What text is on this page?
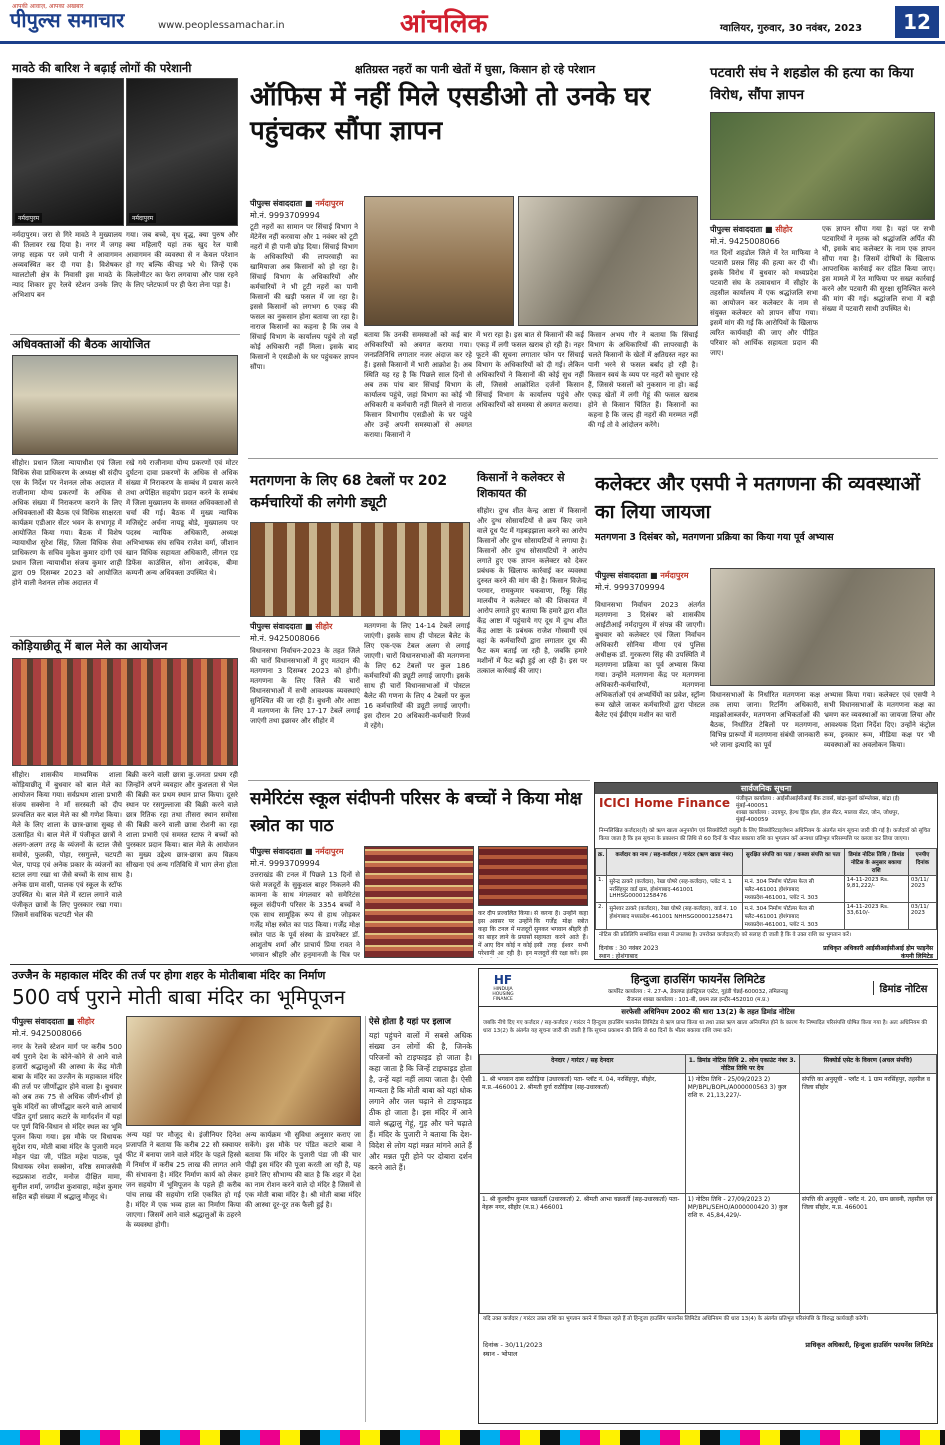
आपकी आवाज़, आपका अखबार
पीपुल्स समाचार	www.peoplessamachar.in	आंचलिक	ग्वालियर, गुरुवार, 30 नवंबर, 2023	12
मावठे की बारिश ने बढ़ाई लोगों की परेशानी
नर्मदापुरम	नर्मदापुरम
नर्मदापुरम। जरा से गिरे मावठे ने मुख्यालय की तिलावर रख दिया है। नगर में जगह जगह सड़क पर जमे पानी ने आवागमन अव्यवस्थित कर दी गया है। विशेषकर ग्वालटोली क्षेत्र के निवासी इस मावठे के न्याद शिकार हुए रेलवे स्टेशन उनके लिए अभिशाप बन
गया। जब बच्चे, वृध वृद्ध, क्या पुरुष और क्या महिलाएँ यहां तक खुद रेल यात्री आवागमन की व्यवस्था से न केवल परेशान हो गए बल्कि कीचड़ भरे थे। जिन्हें एक किलोमीटर का फेरा लगवाया और पास रहने के लिए प्लेटफार्म पर ही फेरा लेना पड़ा है।
अधिवक्ताओं की बैठक आयोजित
सीहोर। प्रधान जिला न्यायाधीश एवं जिला विधिक सेवा प्राधिकरण के अध्यक्ष श्री संदीप एस के निर्देश पर नेशनल लोक अदालत में राजीनामा योग्य प्रकरणों के अधिक से अधिक संख्या में निराकरण कराने के लिए अधिवक्ताओं की बैठक एवं विधिक साक्षरता कार्यक्रम एडीआर सेंटर भवन के सभागृह में आयोजित किया गया। बैठक में विशेष न्यायाधीश सुरेश सिंह, जिला विधिक सेवा प्राधिकरण के सचिव मुकेश कुमार दांगी एवं प्रधान जिला न्यायाधीश संजय कुमार शाही द्वारा 09 दिसम्बर 2023 को आयोजित होने वाली नेशनल लोक अदालत में
रखे गये राजीनामा योग्य प्रकरणों एवं मोटर दुर्घटना दावा प्रकरणों के अधिक से अधिक संख्या में निराकरण के सम्बंध में प्रयास करने तथा अपेक्षित सहयोग प्रदान करने के सम्बंध में जिला मुख्यालय के समस्त अधिवक्ताओं से चर्चा की गई। बैठक में मुख्य न्यायिक मजिस्ट्रेट अर्चना नायडू बोडे, मुख्यालय पर पदस्थ न्यायिक अधिकारी, अध्यक्ष अभिभाषक संघ सचिव राजेश वर्मा, जीशान खान विधिक सहायता अधिकारी, लीगल एड डिफेंस काउंसिल, सोना आवेदक, बीमा कम्पनी अन्य अधिवक्ता उपस्थित थे।
कोड़ियाछीतू में बाल मेले का आयोजन
सीहोर। शासकीय माध्यमिक शाला कोड़ियाछीतू में बुधवार को बाल मेले का आयोजन किया गया। सर्वप्रथम शाला प्रभारी संजय सक्सेना ने माँ सरस्वती को दीप प्रज्वलित कर बाल मेले का श्री गणेश किया। मेले के लिए शाला के छात्र-छात्रा सुबह से उत्साहित थे। बाल मेले में पंजीकृत छात्रों ने अलग-अलग तरह के व्यंजनों के स्टाल जैसे समोसे, फुलकी, पोहा, रसगुल्ले, चटपटी भेल, पापड़ एवं अनेक प्रकार के व्यंजनों का स्टाल लगा रखा था जैसे बच्चों के साथ साथ अनेक ग्राम वासी, पालक एवं स्कूल के स्टॉफ उपस्थित थे। बाल मेले में स्टाल लगाने वाले पंजीकृत छात्रों के लिए पुरस्कार रखा गया। जिसमें सर्वाधिक चटपटी भेल की
बिक्री करने वाली छात्रा कु.जनता प्रथम रही जिन्होंने अपने व्यवहार और कुशलता से भेल की बिक्री कर प्रथम स्थान प्राप्त किया। दूसरे स्थान पर रसगुल्लाजा की बिक्री करने वाले छात्र रितिक रहा तथा तीसरा स्थान समोसा की बिक्री करने वाली छात्रा रोशनी का रहा शाला प्रभारी एवं समस्त स्टाफ ने बच्चों को पुरस्कार प्रदान किया। बाल मेले के आयोजन का मुख्य उद्देश्य छात्र-छात्रा क्रय विक्रय सीखना एवं अन्य गतिविधि में भाग लेना होता है।
क्षतिग्रस्त नहरों का पानी खेतों में घुसा, किसान हो रहे परेशान
ऑफिस में नहीं मिले एसडीओ तो उनके घर पहुंचकर सौंपा ज्ञापन
पीपुल्स संवाददाता ■ नर्मदापुरम
मो.नं. 9993709994
टूटी नहरों का सामान पर सिंचाई विभाग ने मेंटेनेंस नहीं करवाया और 1 नवंबर को टूटी नहरों में ही पानी छोड़ दिया। सिंचाई विभाग के अधिकारियों की लापरवाही का खामियाजा अब किसानों को हो रहा है। सिंचाई विभाग के अधिकारियों और कर्मचारियों ने भी टूटी नहरों का पानी किसानों की खड़ी फसल में जा रहा है। इससे किसानों को लगभग 6 एकड़ की फसल का नुकसान होना बताया जा रहा है। नाराज किसानों का कहना है कि जब वे सिंचाई विभाग के कार्यालय पहुंचे तो वहाँ कोई अधिकारी नहीं मिला। इसके बाद किसानों ने एसडीओ के घर पहुंचकर ज्ञापन सौंपा।
बताया कि उनकी समस्याओं को कई बार अधिकारियों को अवगत कराया गया। जनप्रतिनिधि लगातार नजर अंदाज कर रहे हैं। इससे किसानों में भारी आक्रोश है। अब स्थिति यह रह है कि पिछले साल दिनों से अब तक पांच बार सिंचाई विभाग के कार्यालय पहुंचे, जहां विभाग का कोई भी अधिकारी व कर्मचारी नहीं मिलने से नाराज किसान विभागीय एसडीओ के घर पहुंचे और उन्हें अपनी समस्याओं से अवगत कराया। किसानों ने
में भरा रहा है। इस बात से किसानों की कई एकड़ में लगी फसल खराब हो रही है। नहर फूटने की सूचना लगातार फोन पर सिंचाई विभाग के अधिकारियों को दी गई। लेकिन अधिकारियों ने किसानों की कोई सुध नहीं ली, जिससे आक्रोशित दर्जनों किसान सिंचाई विभाग के कार्यालय पहुंचे और अधिकारियों को समस्या से अवगत कराया।
किसान अभय गौर ने बताया कि सिंचाई विभाग के अधिकारियों की लापरवाही के चलते किसानों के खेतों में क्षतिग्रस्त नहर का पानी भरने से फसल बर्बाद हो रही है। किसान स्वयं के व्यय पर नहरों को सुधार रहे हैं, जिससे फसलों को नुकसान ना हो। कई एकड़ खेतों में लगी गेहूं की फसल खराब होने से किसान चिंतित हैं। किसानों का कहना है कि जल्द ही नहरों की मरम्मत नहीं की गई तो वे आंदोलन करेंगे।
पटवारी संघ ने शहडोल की हत्या का किया विरोध, सौंपा ज्ञापन
पीपुल्स संवाददाता ■ सीहोर
मो.नं. 9425008066
गत दिनों शहडोल जिले में रेत माफिया ने पटवारी प्रसन्न सिंह की हत्या कर दी थी। इसके विरोध में बुधवार को मध्यप्रदेश पटवारी संघ के तत्वावधान में सीहोर के तहसील कार्यालय में एक श्रद्धांजलि सभा का आयोजन कर कलेक्टर के नाम से संयुक्त कलेक्टर को ज्ञापन सौंपा गया। इसमें मांग की गई कि आरोपियों के खिलाफ त्वरित कार्यवाही की जाए और पीड़ित परिवार को आर्थिक सहायता प्रदान की जाए।
एक ज्ञापन सौंपा गया है। यहां पर सभी पटवारियों ने मृतक को श्रद्धांजलि अर्पित की थी, इसके बाद कलेक्टर के नाम एक ज्ञापन सौंपा गया है। जिसमें दोषियों के खिलाफ आपराधिक कार्रवाई कर दंडित किया जाए। इस मामले में रेत माफिया पर सख्त कार्रवाई करने और पटवारी की सुरक्षा सुनिश्चित करने की मांग की गई। श्रद्धांजलि सभा में बड़ी संख्या में पटवारी साथी उपस्थित थे।
मतगणना के लिए 68 टेबलों पर 202 कर्मचारियों की लगेगी ड्यूटी
पीपुल्स संवाददाता ■ सीहोर
मो.नं. 9425008066
विधानसभा निर्वाचन-2023 के तहत जिले की चारों विधानसभाओं में हुए मतदान की मतगणना 3 दिसम्बर 2023 को होगी। मतगणना के लिए जिले की चारों विधानसभाओं में सभी आवश्यक व्यवस्थाएं सुनिश्चित की जा रही हैं। बुधनी और आष्टा में मतगणना के लिए 17-17 टेबलें लगाई जाएंगी तथा इछावर और सीहोर में
मतगणना के लिए 14-14 टेबलें लगाई जाएंगी। इसके साथ ही पोस्टल बैलेट के लिए एक-एक टेबल अलग से लगाई जाएगी। चारों विधानसभाओं की मतगणना के लिए 62 टेबलों पर कुल 186 कर्मचारियों की ड्यूटी लगाई जाएगी। इसके साथ ही चारों विधानसभाओं में पोस्टल बैलेट की गणना के लिए 4 टेबलों पर कुल 16 कर्मचारियों की ड्यूटी लगाई जाएगी। इस दौरान 20 अधिकारी-कर्मचारी रिजर्व में रहेंगे।
किसानों ने कलेक्टर से शिकायत की
सीहोर। दुग्ध शीत केन्द्र आष्टा में किसानों और दुग्ध सोसायटियों से क्रय किए जाने वाले दूध पैट में गड़बड़झाला करने का आरोप किसानों और दुग्ध सोसायटियों ने लगाया है। किसानों और दुग्ध सोसायटियों ने आरोप लगाते हुए एक ज्ञापन कलेक्टर को देकर प्रबंधक के खिलाफ कार्रवाई कर व्यवस्था दुरुस्त करने की मांग की है। किसान विजेन्द्र परमार, रामकुमार चकवाणा, रिंकू सिंह मालवीय ने कलेक्टर को की शिकायत में आरोप लगाते हुए बताया कि हमारे द्वारा शीत केंद्र आष्टा में पहुंचाये गए दूध में दुग्ध शीत केंद्र आष्टा के प्रबंधक राजेश गोस्वामी एवं वहां के कर्मचारियों द्वारा लगातार दूध की फैट कम बताई जा रही है, जबकि हमारे मशीनों में फैट बढ़ी हुई आ रही है। इस पर तत्काल कार्रवाई की जाए।
कलेक्टर और एसपी ने मतगणना की व्यवस्थाओं का लिया जायजा
मतगणना 3 दिसंबर को, मतगणना प्रक्रिया का किया गया पूर्व अभ्यास
पीपुल्स संवाददाता ■ नर्मदापुरम
मो.नं. 9993709994
विधानसभा निर्वाचन 2023 अंतर्गत मतगणना 3 दिसंबर को शासकीय आईटीआई नर्मदापुरम में संपन्न की जाएगी। बुधवार को कलेक्टर एवं जिला निर्वाचन अधिकारी सोनिया मीणा एवं पुलिस अधीक्षक डॉ. गुरकरण सिंह की उपस्थिति में मतगणना प्रक्रिया का पूर्व अभ्यास किया गया। उन्होंने मतगणना केंद्र पर मतगणना अधिकारी-कर्मचारियों, मतगणना अभिकर्ताओं एवं अभ्यर्थियों का प्रवेश, स्ट्रॉन्ग रूम खोले जाकर कर्मचारियों द्वारा पोस्टल बैलेट एवं ईवीएम मशीन का चारों
विधानसभाओं के निर्धारित मतगणना कक्ष तक लाया जाना। रिटर्निंग अधिकारी, माइक्रोआब्जर्वर, मतगणना अभिकर्ताओं की बैठक, निर्धारित टेबिलों पर मतगणना, विभिन्न प्रारूपों में मतगणना संबंधी जानकारी भरे जाना इत्यादि का पूर्व
अभ्यास किया गया। कलेक्टर एवं एसपी ने सभी विधानसभाओं के मतगणना कक्ष का भ्रमण कर व्यवस्थाओं का जायजा लिया और आवश्यक दिशा निर्देश दिए। उन्होंने कंट्रोल रूम, इनकार रूम, मीडिया कक्ष पर भी व्यवस्थाओं का अवलोकन किया।
समेरिटंस स्कूल संदीपनी परिसर के बच्चों ने किया मोक्ष स्त्रोत का पाठ
पीपुल्स संवाददाता ■ नर्मदापुरम
मो.नं. 9993709994
उत्तराखंड की टनल में पिछले 13 दिनों से फंसे मजदूरों के सुकुशल बाहर निकलने की कामना के साथ मंगलवार को समेरिटंस स्कूल संदीपनी परिसर के 3354 बच्चों ने एक साथ सामूहिक रूप से हाथ जोड़कर गर्जेंद्र मोक्ष स्त्रोत का पाठ किया। गर्जेंद्र मोक्ष स्त्रोत पाठ के पूर्व संस्था के डायरेक्टर डॉ. आशुतोष शर्मा और प्राचार्य प्रिया रावत ने भगवान श्रीहरि और हनुमानजी के चित्र पर
कर दीप प्रज्वलित किया। इस अवसर पर उन्होंने कहा कि टनल में मजदूरों का बाहर लाने के प्रयासों में आए दिन कोई न कोई परेशानी आ रही है। इन
से करना है। उन्होंने कहा कि गर्जेंद्र मोक्ष स्त्रोत सुनकर भगवान श्रीहरि ही सहायता करने आते हैं। इसी तरह ईश्वर सभी मजदूरों की रक्षा करें। इस
सार्वजनिक सूचना
ICICI Home Finance पंजीकृत कार्यालय : आईसीआईसीआई बैंक टावर्स, बांद्रा-कुर्ला कॉम्प्लेक्स, बांद्रा (ई) मुंबई-400051
शाखा कार्यालय : उदयपुर, हेल्थ ड्रिंक हॉल, होल सेंटर, मालवा सेंटर, जोन, जोधपुर, मुंबई-400059
निम्नलिखित कर्जदार(रों) को ऋण खाता अनुपयोग एवं सिक्योरिटी वसूली के लिए सिक्योरिटाइजेशन अधिनियम के अंतर्गत मांग सूचना जारी की गई है। कर्जदारों को सूचित किया जाता है कि इस सूचना के प्रकाशन की तिथि से 60 दिनों के भीतर बकाया राशि का भुगतान करें अन्यथा प्रतिभूत परिसम्पत्ति पर कब्जा कर लिया जाएगा।
क्र.	कर्जदार का नाम / सह-कर्जदार / गारंटर (ऋण खाता नंबर)	सुरक्षित संपत्ति का पता / कब्जा संपत्ति का पता	डिमांड नोटिस तिथि / डिमांड नोटिस के अनुसार बकाया राशि	एनपीए दिनांक
1.	सुरेन्द्र ठाकरे (कर्जदार), रेखा घोषरे (सह-कर्जदार), प्लॉट नं. 1 नरसिंहपुर वार्ड ग्राम, होशंगाबाद-461001 LHHSG00001258476	म.नं. 304 निर्माण पोर्टल्स फेज सी फ्लैट-461001 होशंगाबाद मध्यप्रदेश-461001, प्लॉट नं. 303	14-11-2023 Rs. 9,81,222/-	03/11/ 2023
2.	सुनेश्वर ठाकरे (कर्जदार), रेखा घोषरे (सह-कर्जदार), वार्ड नं. 10 होशंगाबाद मध्यप्रदेश-461001 NHHSG00001258471	म.नं. 304 निर्माण पोर्टल्स फेज सी फ्लैट-461001 होशंगाबाद मध्यप्रदेश-461001, प्लॉट नं. 303	14-11-2023 Rs. 33,610/-	03/11/ 2023
नोटिस की प्रतिलिपि सम्बंधित शाखा में उपलब्ध है। उपरोक्त कर्जदार(रों) को सलाह दी जाती है कि वे उक्त राशि का भुगतान करें।
दिनांक : 30 नवंबर 2023
स्थान : होशंगाबाद
प्राधिकृत अधिकारी आईसीआईसीआई होम फाइनेंस कंपनी लिमिटेड
उज्जैन के महाकाल मंदिर की तर्ज पर होगा शहर के मोतीबाबा मंदिर का निर्माण
500 वर्ष पुराने मोती बाबा मंदिर का भूमिपूजन
पीपुल्स संवाददाता ■ सीहोर
मो.नं. 9425008066
नगर के रेलवे स्टेशन मार्ग पर करीब 500 वर्ष पुराने देश के कोने-कोने से आने वाले हजारों श्रद्धालुओं की आस्था के केंद्र मोती बाबा के मंदिर का उज्जैन के महाकाल मंदिर की तर्ज पर जीर्णोद्धार होने वाला है। बुधवार को अब तक 75 से अधिक जीर्ण-शीर्ण हो चुके मंदिरों का जीर्णोद्धार करने वाले आचार्य पंडित दुर्गा प्रसाद कटारे के मार्गदर्शन में यहां पर पूर्ण विधि-विधान से मंदिर स्थल का भूमि पूजन किया गया। इस मौके पर विधायक सुदेश राय, मोती बाबा मंदिर के पुजारी मदन मोहन पंडा जी, पंडित महेश पाठक, पूर्व विधायक रमेश सक्सेना, वरिष्ठ समाजसेवी रुद्रप्रकाश राठौर, मनोज दीक्षित मामा, सुनील शर्मा, जगदीश कुशवाहा, महेश कुमार सहित बड़ी संख्या में श्रद्धालु मौजूद थे।
अन्य यहां पर मौजूद थे। इंजीनियर दिनेश प्रजापति ने बताया कि करीब 22 सौ स्क्वायर फीट में बनाया जाने वाले मंदिर के पहले हिस्से में निर्माण में करीब 25 लाख की लागत आने की संभावना है। मंदिर निर्माण कार्य को लेकर जन सहयोग में भूमिपूजन के पहले ही करीब पांच लाख की सहयोग राशि एकत्रित हो गई है। मंदिर में एक भव्य हाल का निर्माण किया जाएगा। जिसमें आने वाले श्रद्धालुओं के ठहरने के व्यवस्था होगी।
अन्य कार्यक्रम भी सुविधा अनुसार कराए जा सकेंगे। इस मौके पर पंडित कटारे बाबा ने बताया कि मंदिर के पुजारी पंडा जी की चार पीढ़ी इस मंदिर की पूजा करती आ रही है, यह हमारे लिए सौभाग्य की बात है कि शहर में देश का नाम रोशन करने वाले दो मंदिर है जिसमें से एक मोती बाबा मंदिर है। श्री मोती बाबा मंदिर की आस्था दूर-दूर तक फैली हुई है।
ऐसे होता है यहां पर इलाज
यहां पहुंचने वालों में सबसे अधिक संख्या उन लोगों की है, जिनके परिजनों को टाइफाइड हो जाता है। कहा जाता है कि जिन्हें टाइफाइड होता है, उन्हें यहां नहीं लाया जाता है। ऐसी मान्यता है कि मोती बाबा को यहां धोक लगाने और जल चढ़ाने से टाइफाइड ठीक हो जाता है। इस मंदिर में आने वाले श्रद्धालु गेहूं, गुड़ और चने चढ़ाते हैं। मंदिर के पुजारी ने बताया कि देश-विदेश से लोग यहां मन्नत मांगने आते हैं और मन्नत पूरी होने पर दोबारा दर्शन करने आते हैं।
HF
HINDUJA HOUSING FINANCE
हिन्दुजा हाउसिंग फायनेंस लिमिटेड
कार्पोरेट कार्यालय : नं. 27-A, डेवलप्ड इंडस्ट्रियल एस्टेट, गुइंडी चेन्नई-600032, तमिलनाडु
रीजनल शाखा कार्यालय : 101-बी, प्रथम तल इन्दौर-452010 (म.प्र.)
डिमांड नोटिस
सरफेसी अधिनियम 2002 की धारा 13(2) के तहत डिमांड नोटिस
जबकि नीचे दिए गए कर्जदार / सह-कर्जदार / गारंटर ने हिन्दुजा हाउसिंग फायनेंस लिमिटेड से ऋण प्राप्त किया था तथा उक्त ऋण खाता अनियमित होने के कारण गैर निष्पादित परिसंपत्ति घोषित किया गया है। अतः अधिनियम की धारा 13(2) के अंतर्गत यह सूचना जारी की जाती है कि सूचना प्रकाशन की तिथि से 60 दिनों के भीतर बकाया राशि जमा करें।
देनदार / गारंटर / सह देनदार	1. डिमांड नोटिस तिथि 2. लोन एकाउंट नंबर 3. नोटिस तिथि पर देय	सिक्योर्ड एसेट के विवरण (अचल संपत्ति)
1. श्री भगवान दास राठौड़िया (उधारकर्ता) पता- प्लॉट नं. 04, नरसिंहपुर, सीहोर, म.प्र.-466001 2. श्रीमती दुर्गा राठौड़िया (सह-उधारकर्ता)	1) नोटिस तिथि - 25/09/2023 2) MP/BPL/BOPL/A000000563 3) कुल राशि रु. 21,13,227/-	संपत्ति का अनुसूची - प्लॉट नं. 1 ग्राम नरसिंहपुर, तहसील व जिला सीहोर
1. श्री कुलदीप कुमार चक्रवर्ती (उधारकर्ता) 2. श्रीमती आभा चक्रवर्ती (सह-उधारकर्ता) पता- नेहरू नगर, सीहोर (म.प्र.) 466001	1) नोटिस तिथि - 27/09/2023 2) MP/BPL/SEHO/A000000420 3) कुल राशि रु. 45,84,429/-	संपत्ति की अनुसूची - प्लॉट नं. 20, ग्राम छावनी, तहसील एवं जिला सीहोर, म.प्र. 466001
यदि उक्त कर्जदार / गारंटर उक्त राशि का भुगतान करने में विफल रहते हैं तो हिन्दुजा हाउसिंग फायनेंस लिमिटेड अधिनियम की धारा 13(4) के अंतर्गत प्रतिभूत परिसंपत्ति के विरुद्ध कार्यवाही करेगी।
दिनांक - 30/11/2023
स्थान - भोपाल
प्राधिकृत अधिकारी, हिन्दुजा हाउसिंग फायनेंस लिमिटेड
